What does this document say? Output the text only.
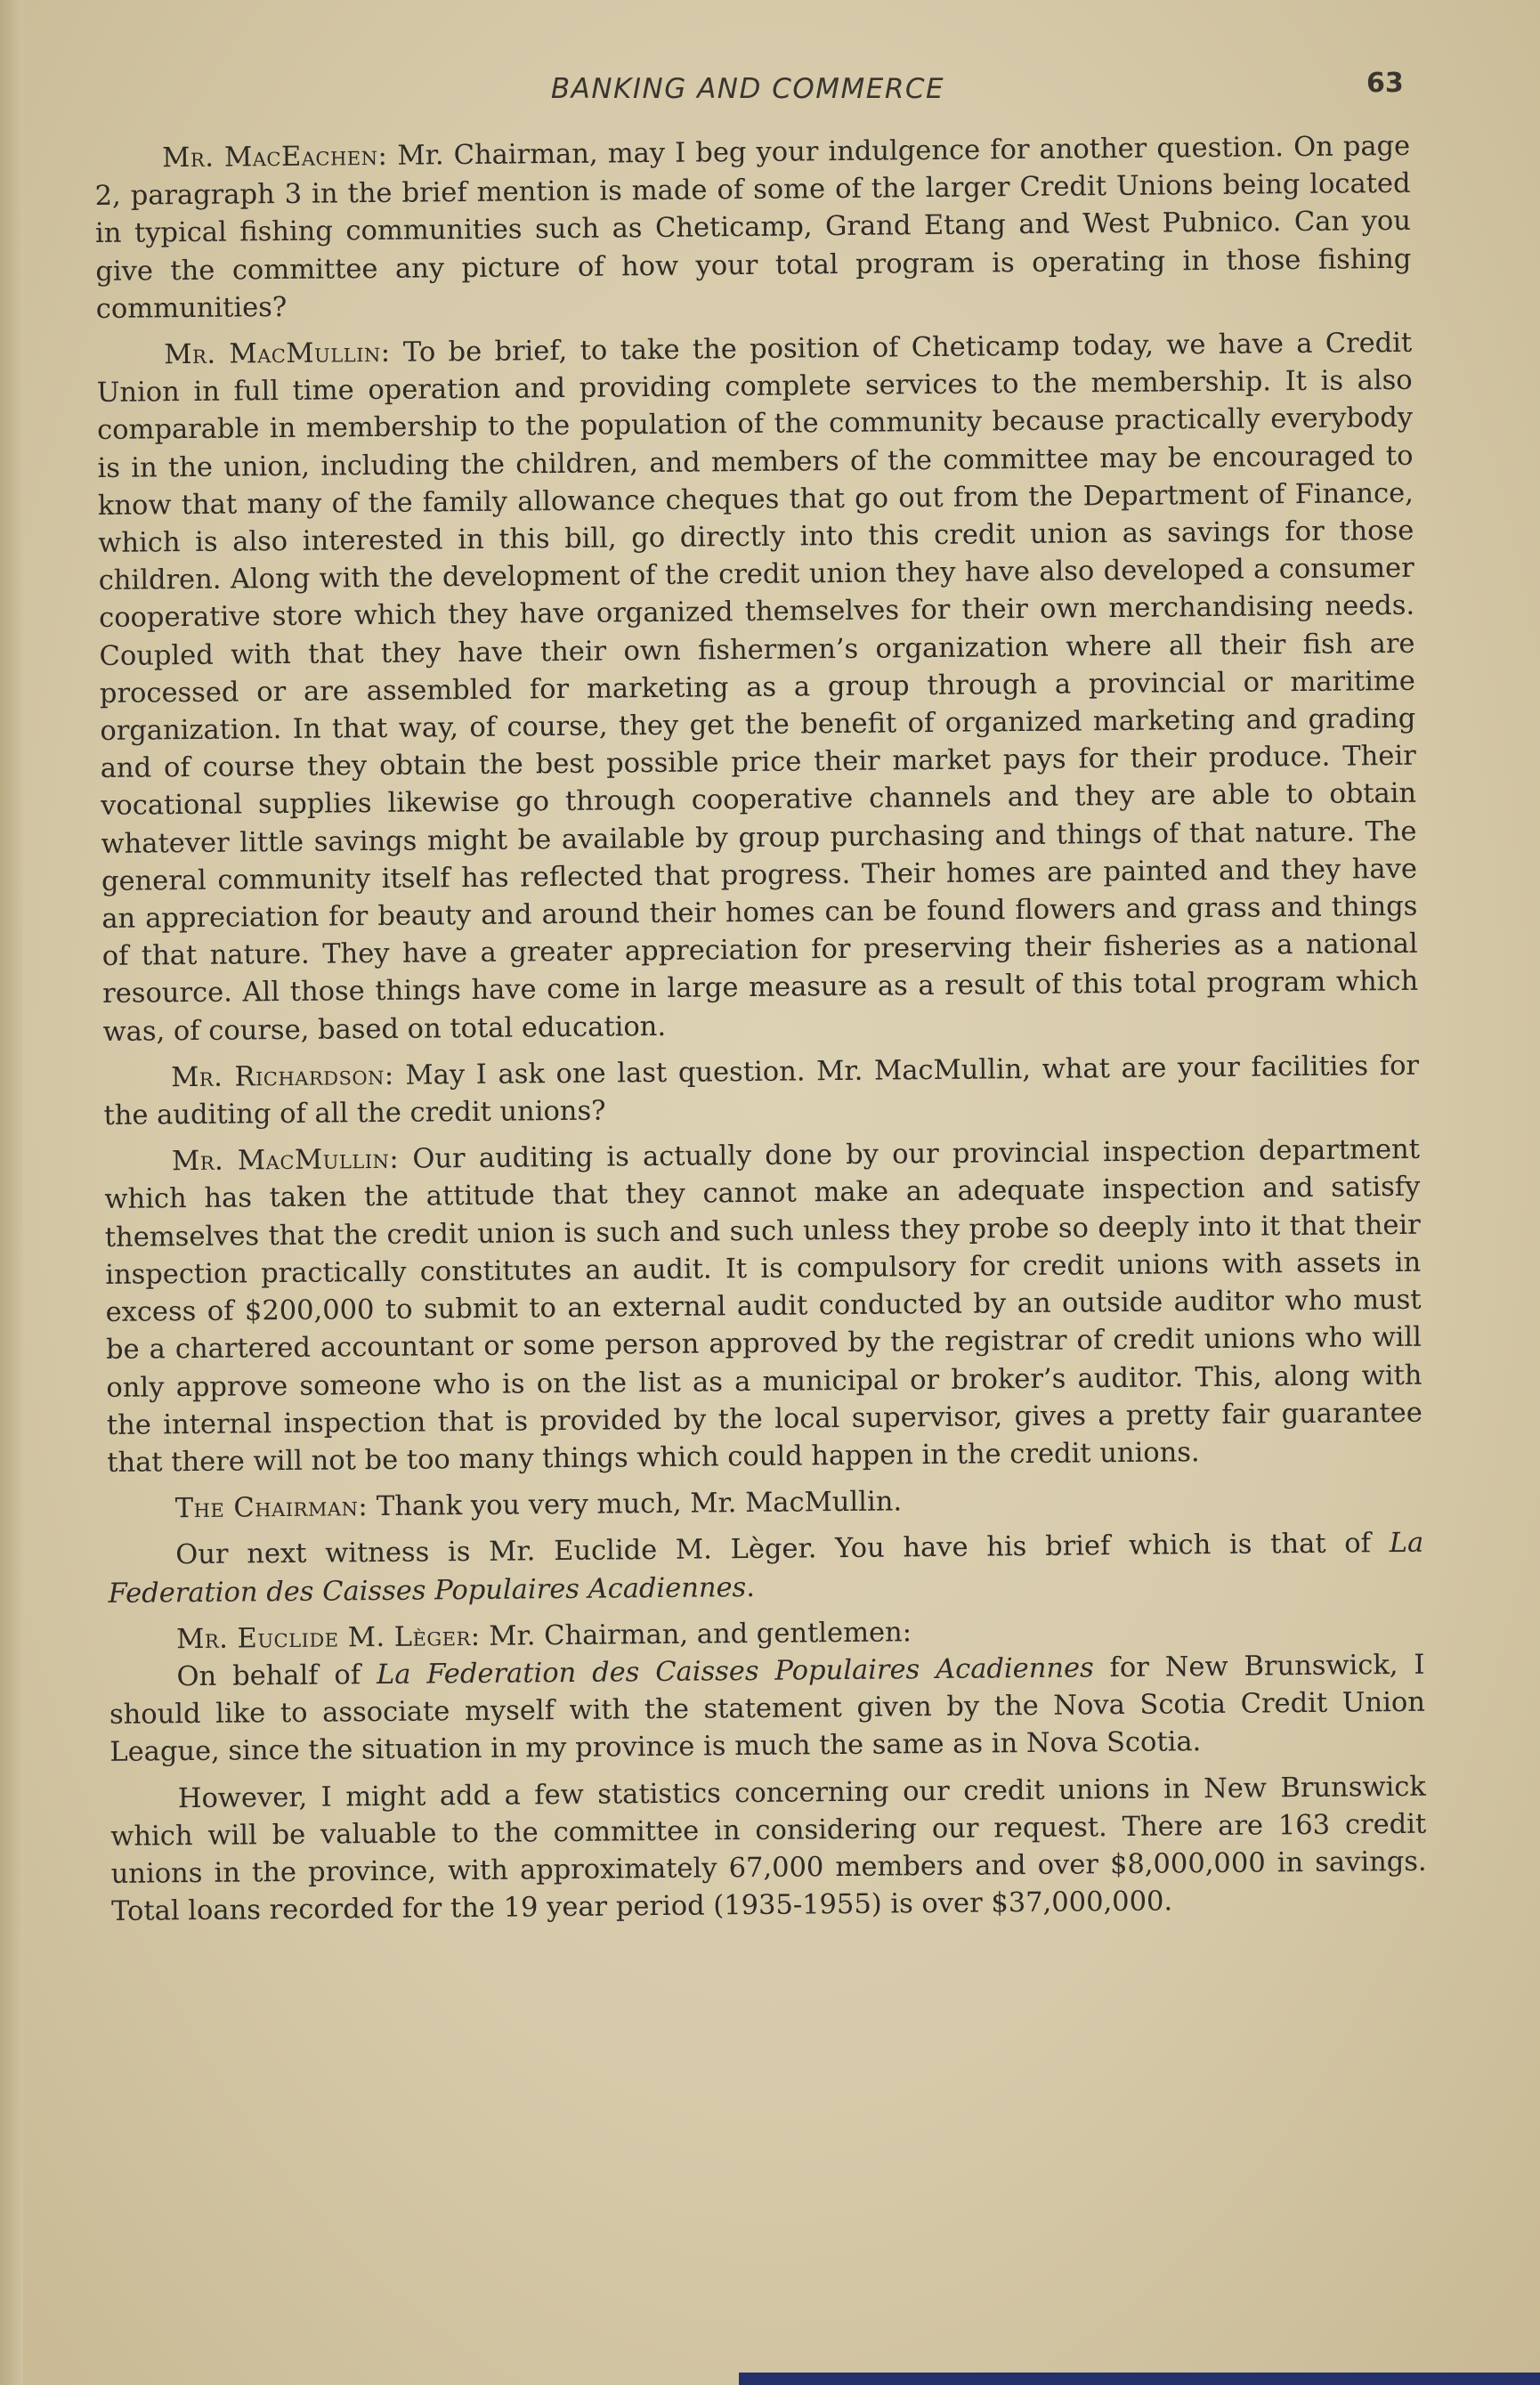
BANKING AND COMMERCE	63

Mr. MacEachen: Mr. Chairman, may I beg your indulgence for another question. On page 2, paragraph 3 in the brief mention is made of some of the larger Credit Unions being located in typical fishing communities such as Cheticamp, Grand Etang and West Pubnico. Can you give the committee any picture of how your total program is operating in those fishing communities?

Mr. MacMullin: To be brief, to take the position of Cheticamp today, we have a Credit Union in full time operation and providing complete services to the membership. It is also comparable in membership to the population of the community because practically everybody is in the union, including the children, and members of the committee may be encouraged to know that many of the family allowance cheques that go out from the Department of Finance, which is also interested in this bill, go directly into this credit union as savings for those children. Along with the development of the credit union they have also developed a consumer cooperative store which they have organized themselves for their own merchandising needs. Coupled with that they have their own fishermen’s organization where all their fish are processed or are assembled for marketing as a group through a provincial or maritime organization. In that way, of course, they get the benefit of organized marketing and grading and of course they obtain the best possible price their market pays for their produce. Their vocational supplies likewise go through cooperative channels and they are able to obtain whatever little savings might be available by group purchasing and things of that nature. The general community itself has reflected that progress. Their homes are painted and they have an appreciation for beauty and around their homes can be found flowers and grass and things of that nature. They have a greater appreciation for preserving their fisheries as a national resource. All those things have come in large measure as a result of this total program which was, of course, based on total education.

Mr. Richardson: May I ask one last question. Mr. MacMullin, what are your facilities for the auditing of all the credit unions?

Mr. MacMullin: Our auditing is actually done by our provincial inspection department which has taken the attitude that they cannot make an adequate inspection and satisfy themselves that the credit union is such and such unless they probe so deeply into it that their inspection practically constitutes an audit. It is compulsory for credit unions with assets in excess of $200,000 to submit to an external audit conducted by an outside auditor who must be a chartered accountant or some person approved by the registrar of credit unions who will only approve someone who is on the list as a municipal or broker’s auditor. This, along with the internal inspection that is provided by the local supervisor, gives a pretty fair guarantee that there will not be too many things which could happen in the credit unions.

The Chairman: Thank you very much, Mr. MacMullin.

Our next witness is Mr. Euclide M. Lèger. You have his brief which is that of La Federation des Caisses Populaires Acadiennes.

Mr. Euclide M. Lèger: Mr. Chairman, and gentlemen:

On behalf of La Federation des Caisses Populaires Acadiennes for New Brunswick, I should like to associate myself with the statement given by the Nova Scotia Credit Union League, since the situation in my province is much the same as in Nova Scotia.

However, I might add a few statistics concerning our credit unions in New Brunswick which will be valuable to the committee in considering our request. There are 163 credit unions in the province, with approximately 67,000 members and over $8,000,000 in savings. Total loans recorded for the 19 year period (1935-1955) is over $37,000,000.
